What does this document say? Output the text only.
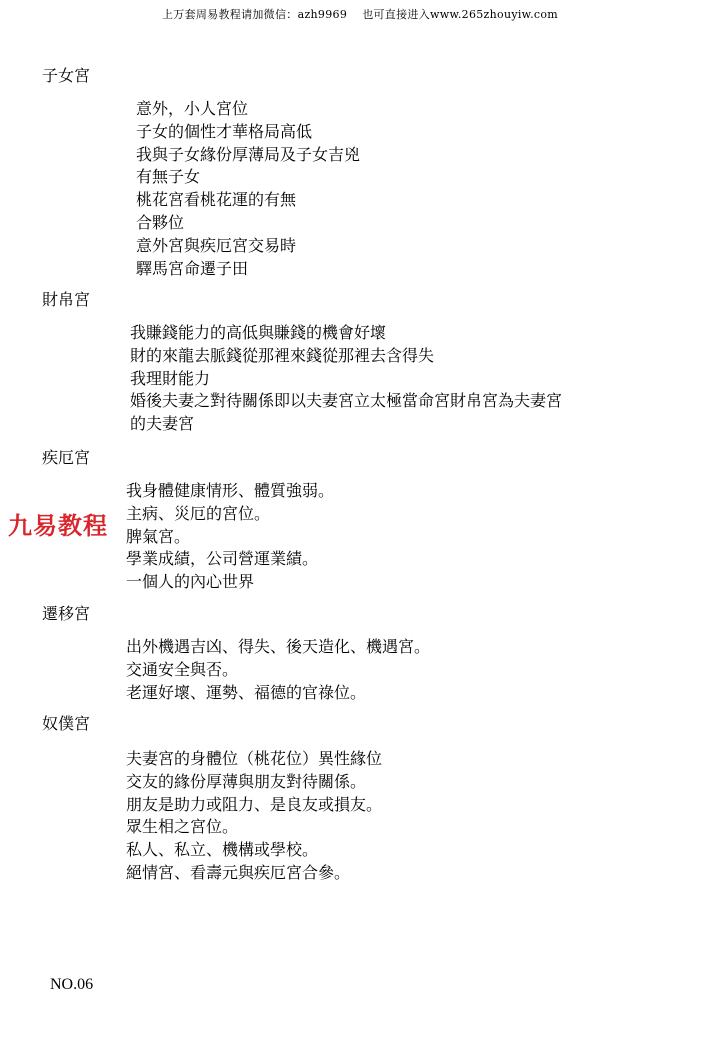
上万套周易教程请加微信：azh9969　 也可直接进入www.265zhouyiw.com
子女宮
意外，小人宮位
子女的個性才華格局高低
我與子女緣份厚薄局及子女吉兇
有無子女
桃花宮看桃花運的有無
合夥位
意外宮與疾厄宮交易時
驛馬宮命遷子田
財帛宮
我賺錢能力的高低與賺錢的機會好壞
財的來龍去脈錢從那裡來錢從那裡去含得失
我理財能力
婚後夫妻之對待關係即以夫妻宮立太極當命宮財帛宮為夫妻宮
的夫妻宮
疾厄宮
我身體健康情形、體質強弱。
主病、災厄的宮位。
脾氣宮。
學業成績，公司營運業績。
一個人的內心世界
九易教程
遷移宮
出外機遇吉凶、得失、後天造化、機遇宮。
交通安全與否。
老運好壞、運勢、福德的官祿位。
奴僕宮
夫妻宮的身體位（桃花位）異性緣位
交友的緣份厚薄與朋友對待關係。
朋友是助力或阻力、是良友或損友。
眾生相之宮位。
私人、私立、機構或學校。
絕情宮、看壽元與疾厄宮合參。
NO.06
